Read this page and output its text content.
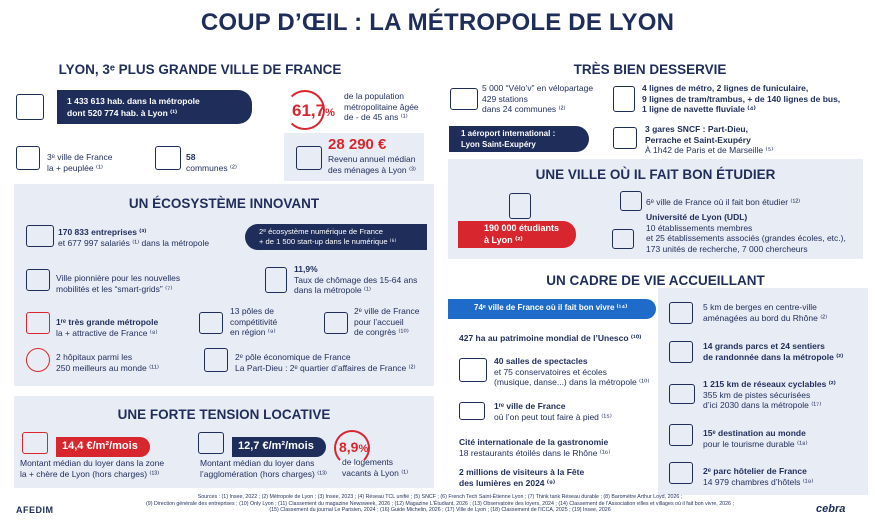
COUP D’ŒIL : LA MÉTROPOLE DE LYON
LYON, 3ᵉ PLUS GRANDE VILLE DE FRANCE
1 433 613 hab. dans la métropole
dont 520 774 hab. à Lyon ⁽¹⁾	61,7%
de la population
métropolitaine âgée
de - de 45 ans ⁽¹⁾
3ᵉ ville de France
la + peuplée ⁽¹⁾
58
communes ⁽²⁾
28 290 €
Revenu annuel médian
des ménages à Lyon ⁽³⁾
TRÈS BIEN DESSERVIE
5 000 “Vélo’v” en vélopartage
429 stations
dans 24 communes ⁽²⁾
4 lignes de métro, 2 lignes de funiculaire,
9 lignes de tram/trambus, + de 140 lignes de bus,
1 ligne de navette fluviale ⁽⁴⁾
1 aéroport international :
Lyon Saint-Exupéry
3 gares SNCF : Part-Dieu,
Perrache et Saint-Exupéry
À 1h42 de Paris et de Marseille ⁽⁵⁾
UN ÉCOSYSTÈME INNOVANT
170 833 entreprises ⁽³⁾
et 677 997 salariés ⁽¹⁾ dans la métropole
2ᵉ écosystème numérique de France
+ de 1 500 start-up dans le numérique ⁽⁶⁾
Ville pionnière pour les nouvelles
mobilités et les “smart-grids” ⁽⁷⁾
11,9%
Taux de chômage des 15-64 ans
dans la métropole ⁽¹⁾
1ʳᵉ très grande métropole
la + attractive de France ⁽⁸⁾
13 pôles de
compétitivité
en région ⁽⁹⁾
2ᵉ ville de France
pour l’accueil
de congrès ⁽¹⁰⁾
2 hôpitaux parmi les
250 meilleurs au monde ⁽¹¹⁾
2ᵉ pôle économique de France
La Part-Dieu : 2ᵉ quartier d’affaires de France ⁽²⁾
UNE FORTE TENSION LOCATIVE
14,4 €/m²/mois
Montant médian du loyer dans la zone
la + chère de Lyon (hors charges) ⁽¹³⁾
12,7 €/m²/mois
Montant médian du loyer dans
l’agglomération (hors charges) ⁽¹³⁾
8,9%
de logements
vacants à Lyon ⁽¹⁾
UNE VILLE OÙ IL FAIT BON ÉTUDIER
190 000 étudiants
à Lyon ⁽²⁾
6ᵉ ville de France où il fait bon étudier ⁽¹²⁾
Université de Lyon (UDL)
10 établissements membres
et 25 établissements associés (grandes écoles, etc.),
173 unités de recherche, 7 000 chercheurs
UN CADRE DE VIE ACCUEILLANT
74ᵉ ville de France où il fait bon vivre ⁽¹⁴⁾
427 ha au patrimoine mondial de l’Unesco ⁽¹⁰⁾
40 salles de spectacles
et 75 conservatoires et écoles
(musique, danse...) dans la métropole ⁽¹⁰⁾
1ʳᵉ ville de France
où l’on peut tout faire à pied ⁽¹⁵⁾
Cité internationale de la gastronomie
18 restaurants étoilés dans le Rhône ⁽¹⁶⁾
2 millions de visiteurs à la Fête
des lumières en 2024 ⁽⁹⁾
5 km de berges en centre-ville
aménagées au bord du Rhône ⁽²⁾
14 grands parcs et 24 sentiers
de randonnée dans la métropole ⁽²⁾
1 215 km de réseaux cyclables ⁽²⁾
355 km de pistes sécurisées
d’ici 2030 dans la métropole ⁽¹⁷⁾
15ᵉ destination au monde
pour le tourisme durable ⁽¹⁸⁾
2ᵉ parc hôtelier de France
14 979 chambres d’hôtels ⁽¹⁹⁾
AFEDIM
Sources : (1) Insee, 2022 ; (2) Métropole de Lyon ; (3) Insee, 2023 ; (4) Réseau TCL unifié ; (5) SNCF ; (6) French Tech Saint-Étienne Lyon ; (7) Think tank Réseau durable ; (8) Baromètre Arthur Loyd, 2026 ;
(9) Direction générale des entreprises ; (10) Only Lyon ; (11) Classement du magazine Newsweek, 2026 ; (12) Magazine L'Étudiant, 2026 ; (13) Observatoire des loyers, 2024 ; (14) Classement de l'Association villes et villages où il fait bon vivre, 2026 ;
(15) Classement du journal Le Parisien, 2024 ; (16) Guide Michelin, 2026 ; (17) Ville de Lyon ; (18) Classement de l'ICCA, 2025 ; (19) Insee, 2026	cebra
